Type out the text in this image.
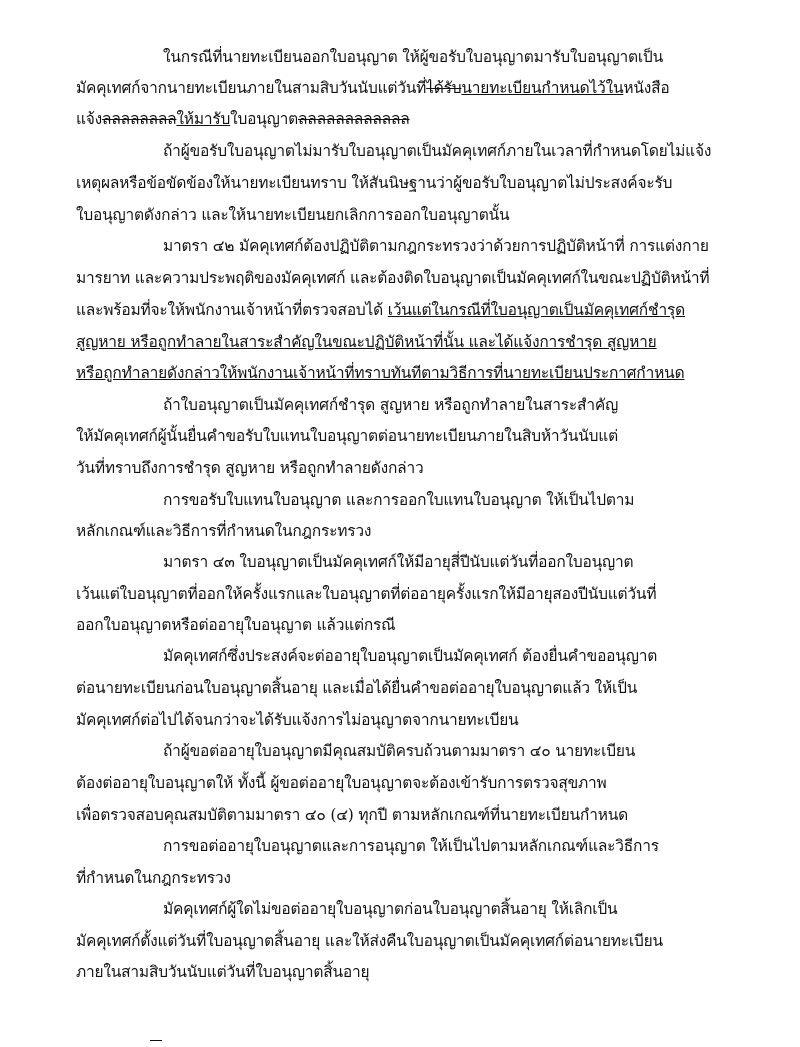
ในกรณีที่นายทะเบียนออกใบอนุญาต ให้ผู้ขอรับใบอนุญาตมารับใบอนุญาตเป็น
มัคคุเทศก์จากนายทะเบียนภายในสามสิบวันนับแต่วันที่ได้รับนายทะเบียนกำหนดไว้ในหนังสือ
แจ้งลลลลลลลลให้มารับใบอนุญาตลลลลลลลลลลลล
ถ้าผู้ขอรับใบอนุญาตไม่มารับใบอนุญาตเป็นมัคคุเทศก์ภายในเวลาที่กำหนดโดยไม่แจ้ง
เหตุผลหรือข้อขัดข้องให้นายทะเบียนทราบ ให้สันนิษฐานว่าผู้ขอรับใบอนุญาตไม่ประสงค์จะรับ
ใบอนุญาตดังกล่าว และให้นายทะเบียนยกเลิกการออกใบอนุญาตนั้น
มาตรา ๔๒ มัคคุเทศก์ต้องปฏิบัติตามกฎกระทรวงว่าด้วยการปฏิบัติหน้าที่ การแต่งกาย
มารยาท และความประพฤติของมัคคุเทศก์ และต้องติดใบอนุญาตเป็นมัคคุเทศก์ในขณะปฏิบัติหน้าที่
และพร้อมที่จะให้พนักงานเจ้าหน้าที่ตรวจสอบได้ เว้นแต่ในกรณีที่ใบอนุญาตเป็นมัคคุเทศก์ชำรุด
สูญหาย หรือถูกทำลายในสาระสำคัญในขณะปฏิบัติหน้าที่นั้น และได้แจ้งการชำรุด สูญหาย
หรือถูกทำลายดังกล่าวให้พนักงานเจ้าหน้าที่ทราบทันทีตามวิธีการที่นายทะเบียนประกาศกำหนด
ถ้าใบอนุญาตเป็นมัคคุเทศก์ชำรุด สูญหาย หรือถูกทำลายในสาระสำคัญ
ให้มัคคุเทศก์ผู้นั้นยื่นคำขอรับใบแทนใบอนุญาตต่อนายทะเบียนภายในสิบห้าวันนับแต่
วันที่ทราบถึงการชำรุด สูญหาย หรือถูกทำลายดังกล่าว
การขอรับใบแทนใบอนุญาต และการออกใบแทนใบอนุญาต ให้เป็นไปตาม
หลักเกณฑ์และวิธีการที่กำหนดในกฎกระทรวง
มาตรา ๔๓ ใบอนุญาตเป็นมัคคุเทศก์ให้มีอายุสี่ปีนับแต่วันที่ออกใบอนุญาต
เว้นแต่ใบอนุญาตที่ออกให้ครั้งแรกและใบอนุญาตที่ต่ออายุครั้งแรกให้มีอายุสองปีนับแต่วันที่
ออกใบอนุญาตหรือต่ออายุใบอนุญาต แล้วแต่กรณี
มัคคุเทศก์ซึ่งประสงค์จะต่ออายุใบอนุญาตเป็นมัคคุเทศก์ ต้องยื่นคำขออนุญาต
ต่อนายทะเบียนก่อนใบอนุญาตสิ้นอายุ และเมื่อได้ยื่นคำขอต่ออายุใบอนุญาตแล้ว ให้เป็น
มัคคุเทศก์ต่อไปได้จนกว่าจะได้รับแจ้งการไม่อนุญาตจากนายทะเบียน
ถ้าผู้ขอต่ออายุใบอนุญาตมีคุณสมบัติครบถ้วนตามมาตรา ๔๐ นายทะเบียน
ต้องต่ออายุใบอนุญาตให้ ทั้งนี้ ผู้ขอต่ออายุใบอนุญาตจะต้องเข้ารับการตรวจสุขภาพ
เพื่อตรวจสอบคุณสมบัติตามมาตรา ๔๐ (๔) ทุกปี ตามหลักเกณฑ์ที่นายทะเบียนกำหนด
การขอต่ออายุใบอนุญาตและการอนุญาต ให้เป็นไปตามหลักเกณฑ์และวิธีการ
ที่กำหนดในกฎกระทรวง
มัคคุเทศก์ผู้ใดไม่ขอต่ออายุใบอนุญาตก่อนใบอนุญาตสิ้นอายุ ให้เลิกเป็น
มัคคุเทศก์ตั้งแต่วันที่ใบอนุญาตสิ้นอายุ และให้ส่งคืนใบอนุญาตเป็นมัคคุเทศก์ต่อนายทะเบียน
ภายในสามสิบวันนับแต่วันที่ใบอนุญาตสิ้นอายุ
